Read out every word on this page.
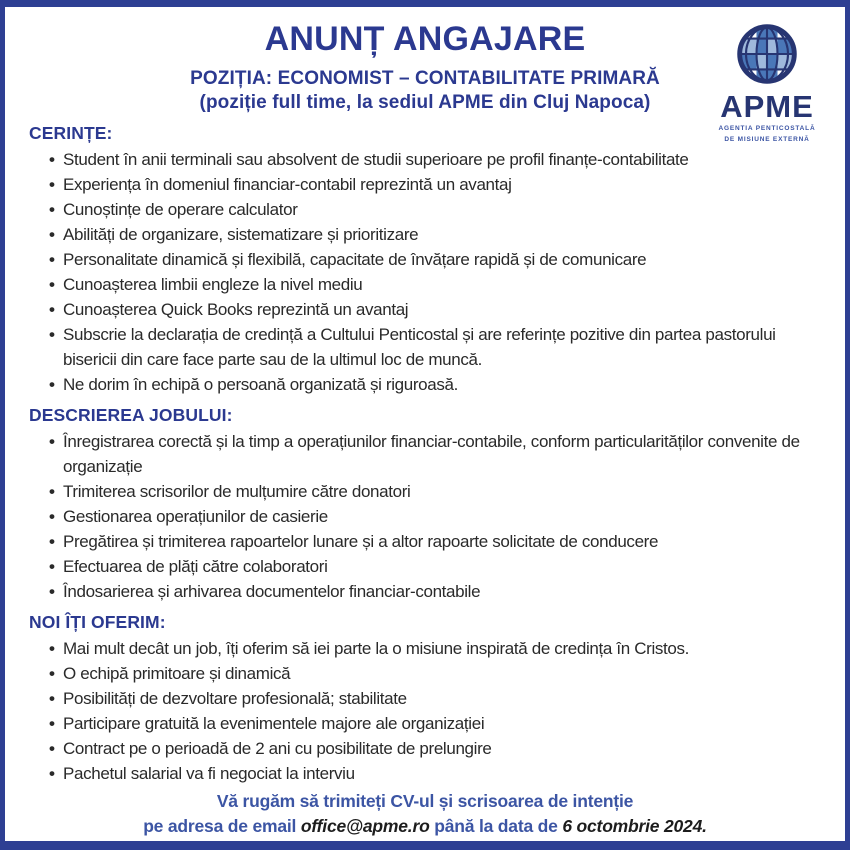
ANUNȚ ANGAJARE
POZIȚIA: ECONOMIST – CONTABILITATE PRIMARĂ
(poziție full time, la sediul APME din Cluj Napoca)	APME
AGENTIA PENTICOSTALĂ
DE MISIUNE EXTERNĂ
CERINȚE:
• Student în anii terminali sau absolvent de studii superioare pe profil finanțe-contabilitate
• Experiența în domeniul financiar-contabil reprezintă un avantaj
• Cunoștințe de operare calculator
• Abilități de organizare, sistematizare și prioritizare
• Personalitate dinamică și flexibilă, capacitate de învățare rapidă și de comunicare
• Cunoașterea limbii engleze la nivel mediu
• Cunoașterea Quick Books reprezintă un avantaj
• Subscrie la declarația de credință a Cultului Penticostal și are referințe pozitive din partea pastorului bisericii din care face parte sau de la ultimul loc de muncă.
• Ne dorim în echipă o persoană organizată și riguroasă.
DESCRIEREA JOBULUI:
• Înregistrarea corectă și la timp a operațiunilor financiar-contabile, conform particularităților convenite de organizație
• Trimiterea scrisorilor de mulțumire către donatori
• Gestionarea operațiunilor de casierie
• Pregătirea și trimiterea rapoartelor lunare și a altor rapoarte solicitate de conducere
• Efectuarea de plăți către colaboratori
• Îndosarierea și arhivarea documentelor financiar-contabile
NOI ÎȚI OFERIM:
• Mai mult decât un job, îți oferim să iei parte la o misiune inspirată de credința în Cristos.
• O echipă primitoare și dinamică
• Posibilități de dezvoltare profesională; stabilitate
• Participare gratuită la evenimentele majore ale organizației
• Contract pe o perioadă de 2 ani cu posibilitate de prelungire
• Pachetul salarial va fi negociat la interviu
Vă rugăm să trimiteți CV-ul și scrisoarea de intenție
pe adresa de email office@apme.ro până la data de 6 octombrie 2024.
